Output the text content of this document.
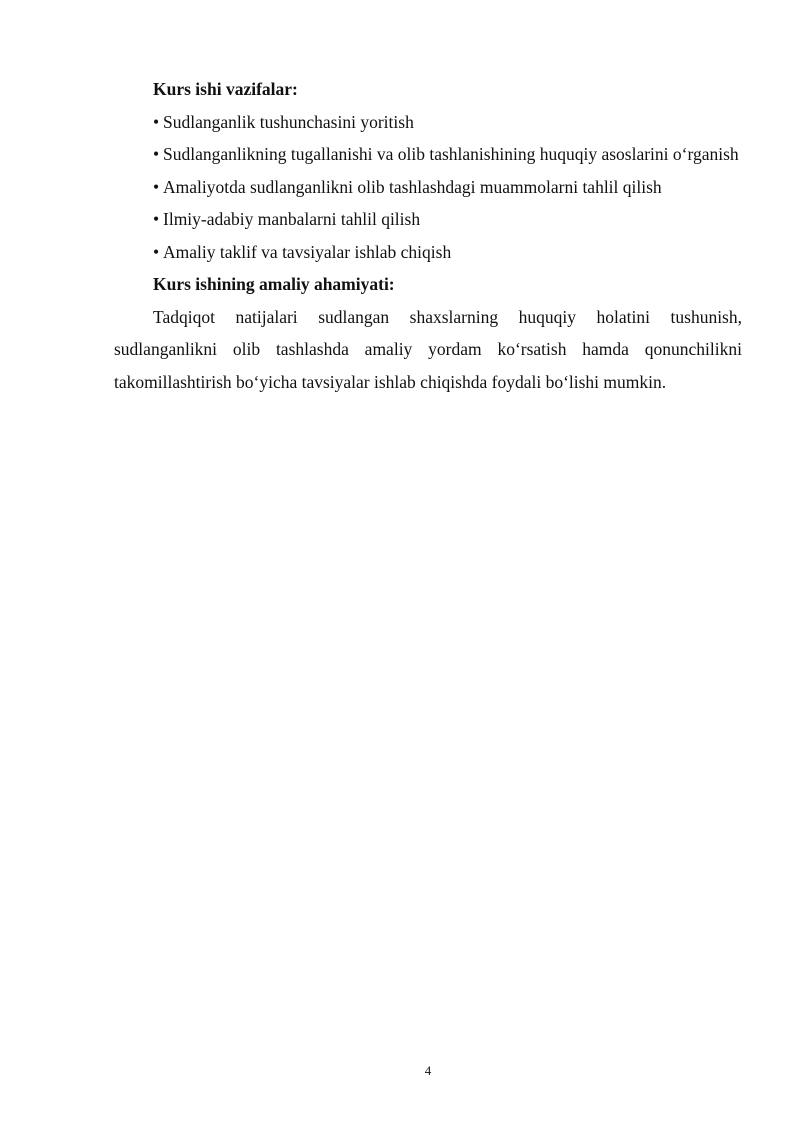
Kurs ishi vazifalar:

• Sudlanganlik tushunchasini yoritish

• Sudlanganlikning tugallanishi va olib tashlanishining huquqiy asoslarini o‘rganish

• Amaliyotda sudlanganlikni olib tashlashdagi muammolarni tahlil qilish

• Ilmiy-adabiy manbalarni tahlil qilish

• Amaliy taklif va tavsiyalar ishlab chiqish

Kurs ishining amaliy ahamiyati:

Tadqiqot natijalari sudlangan shaxslarning huquqiy holatini tushunish, sudlanganlikni olib tashlashda amaliy yordam ko‘rsatish hamda qonunchilikni takomillashtirish bo‘yicha tavsiyalar ishlab chiqishda foydali bo‘lishi mumkin.

4
